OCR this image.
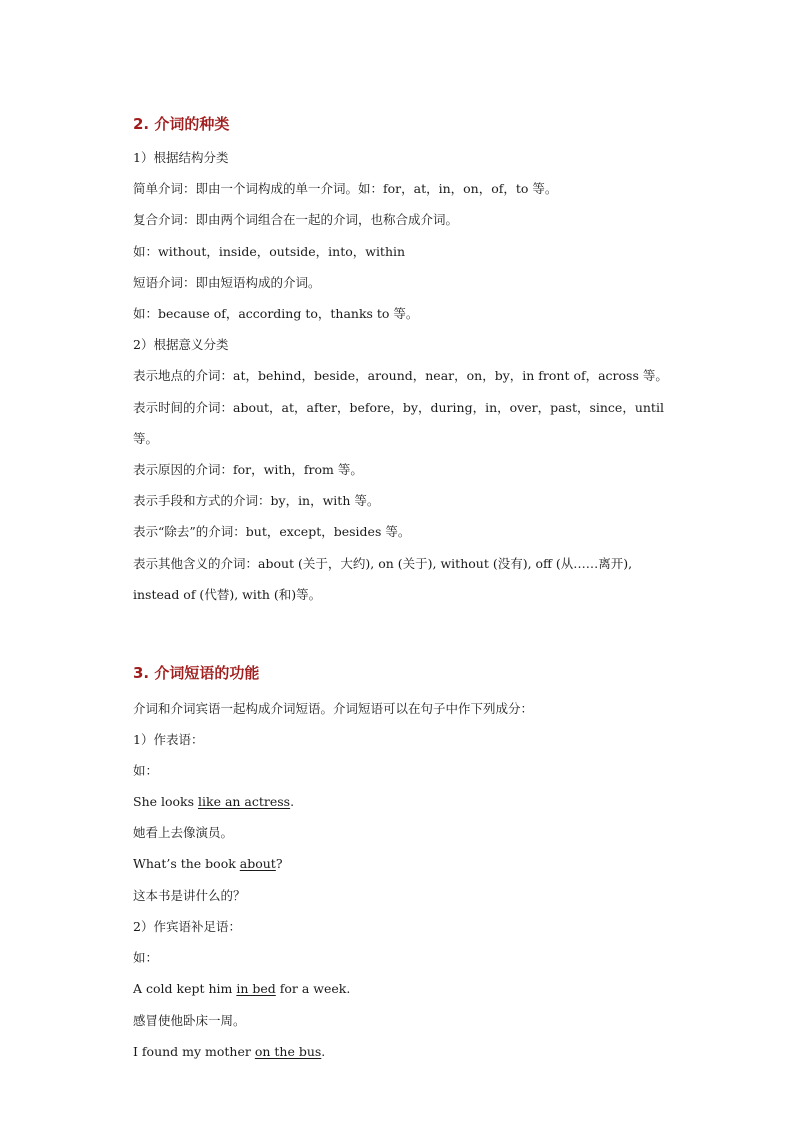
2. 介词的种类
1）根据结构分类
简单介词：即由一个词构成的单一介词。如：for，at，in，on，of，to 等。
复合介词：即由两个词组合在一起的介词，也称合成介词。
如：without，inside，outside，into，within
短语介词：即由短语构成的介词。
如：because of，according to，thanks to 等。
2）根据意义分类
表示地点的介词：at，behind，beside，around，near，on，by，in front of，across 等。
表示时间的介词：about，at，after，before，by，during，in，over，past，since，until
等。
表示原因的介词：for，with，from 等。
表示手段和方式的介词：by，in，with 等。
表示“除去”的介词：but，except，besides 等。
表示其他含义的介词：about (关于，大约), on (关于), without (没有), off (从……离开),
instead of (代替), with (和)等。
3. 介词短语的功能
介词和介词宾语一起构成介词短语。介词短语可以在句子中作下列成分：
1）作表语：
如：
She looks like an actress.
她看上去像演员。
What’s the book about?
这本书是讲什么的？
2）作宾语补足语：
如：
A cold kept him in bed for a week.
感冒使他卧床一周。
I found my mother on the bus.
